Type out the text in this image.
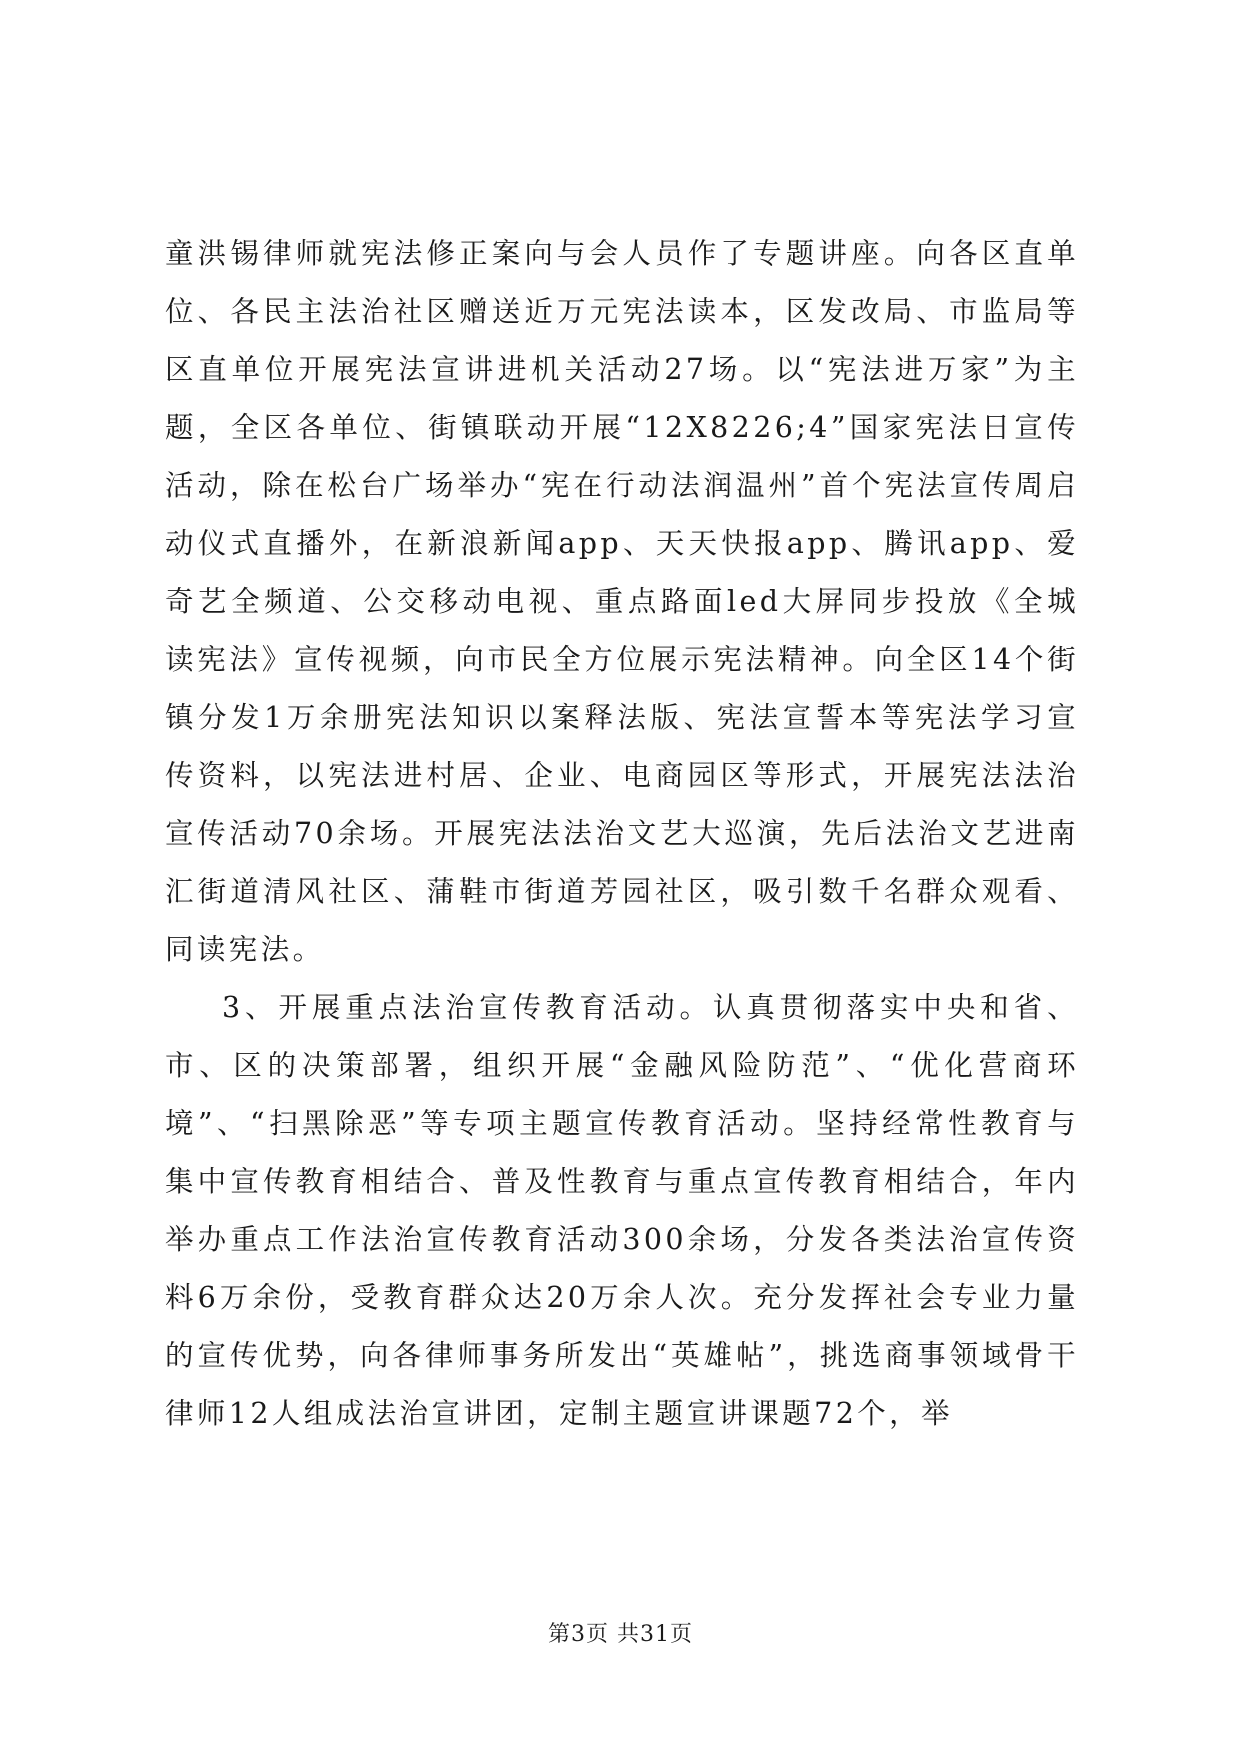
童洪锡律师就宪法修正案向与会人员作了专题讲座。向各区直单位、各民主法治社区赠送近万元宪法读本，区发改局、市监局等区直单位开展宪法宣讲进机关活动27场。以“宪法进万家”为主题，全区各单位、街镇联动开展“12X8226;4”国家宪法日宣传活动，除在松台广场举办“宪在行动法润温州”首个宪法宣传周启动仪式直播外，在新浪新闻app、天天快报app、腾讯app、爱奇艺全频道、公交移动电视、重点路面led大屏同步投放《全城读宪法》宣传视频，向市民全方位展示宪法精神。向全区14个街镇分发1万余册宪法知识以案释法版、宪法宣誓本等宪法学习宣传资料，以宪法进村居、企业、电商园区等形式，开展宪法法治宣传活动70余场。开展宪法法治文艺大巡演，先后法治文艺进南汇街道清风社区、蒲鞋市街道芳园社区，吸引数千名群众观看、同读宪法。

3、开展重点法治宣传教育活动。认真贯彻落实中央和省、市、区的决策部署，组织开展“金融风险防范”、“优化营商环境”、“扫黑除恶”等专项主题宣传教育活动。坚持经常性教育与集中宣传教育相结合、普及性教育与重点宣传教育相结合，年内举办重点工作法治宣传教育活动300余场，分发各类法治宣传资料6万余份，受教育群众达20万余人次。充分发挥社会专业力量的宣传优势，向各律师事务所发出“英雄帖”，挑选商事领域骨干律师12人组成法治宣讲团，定制主题宣讲课题72个，举

第3页 共31页
